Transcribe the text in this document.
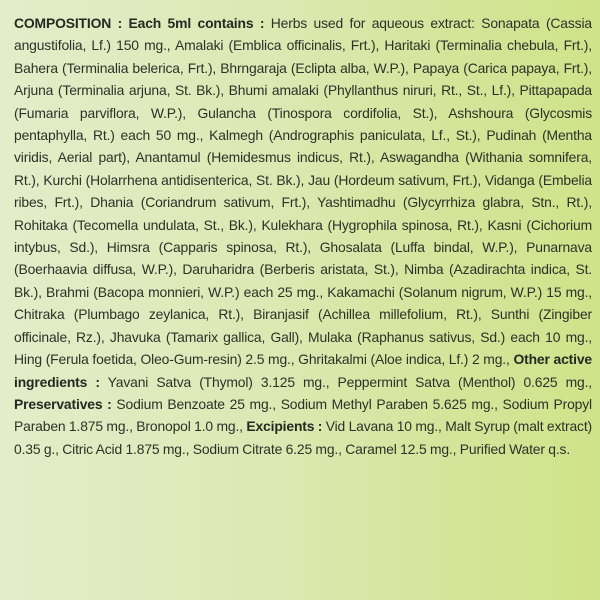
COMPOSITION : Each 5ml contains : Herbs used for aqueous extract: Sonapata (Cassia angustifolia, Lf.) 150 mg., Amalaki (Emblica officinalis, Frt.), Haritaki (Terminalia chebula, Frt.), Bahera (Terminalia belerica, Frt.), Bhrngaraja (Eclipta alba, W.P.), Papaya (Carica papaya, Frt.), Arjuna (Terminalia arjuna, St. Bk.), Bhumi amalaki (Phyllanthus niruri, Rt., St., Lf.), Pittapapada (Fumaria parviflora, W.P.), Gulancha (Tinospora cordifolia, St.), Ashshoura (Glycosmis pentaphylla, Rt.) each 50 mg., Kalmegh (Andrographis paniculata, Lf., St.), Pudinah (Mentha viridis, Aerial part), Anantamul (Hemidesmus indicus, Rt.), Aswagandha (Withania somnifera, Rt.), Kurchi (Holarrhena antidisenterica, St. Bk.), Jau (Hordeum sativum, Frt.), Vidanga (Embelia ribes, Frt.), Dhania (Coriandrum sativum, Frt.), Yashtimadhu (Glycyrrhiza glabra, Stn., Rt.), Rohitaka (Tecomella undulata, St., Bk.), Kulekhara (Hygrophila spinosa, Rt.), Kasni (Cichorium intybus, Sd.), Himsra (Capparis spinosa, Rt.), Ghosalata (Luffa bindal, W.P.), Punarnava (Boerhaavia diffusa, W.P.), Daruharidra (Berberis aristata, St.), Nimba (Azadirachta indica, St. Bk.), Brahmi (Bacopa monnieri, W.P.) each 25 mg., Kakamachi (Solanum nigrum, W.P.) 15 mg., Chitraka (Plumbago zeylanica, Rt.), Biranjasif (Achillea millefolium, Rt.), Sunthi (Zingiber officinale, Rz.), Jhavuka (Tamarix gallica, Gall), Mulaka (Raphanus sativus, Sd.) each 10 mg., Hing (Ferula foetida, Oleo-Gum-resin) 2.5 mg., Ghritakalmi (Aloe indica, Lf.) 2 mg., Other active ingredients : Yavani Satva (Thymol) 3.125 mg., Peppermint Satva (Menthol) 0.625 mg., Preservatives : Sodium Benzoate 25 mg., Sodium Methyl Paraben 5.625 mg., Sodium Propyl Paraben 1.875 mg., Bronopol 1.0 mg., Excipients : Vid Lavana 10 mg., Malt Syrup (malt extract) 0.35 g., Citric Acid 1.875 mg., Sodium Citrate 6.25 mg., Caramel 12.5 mg., Purified Water q.s.
